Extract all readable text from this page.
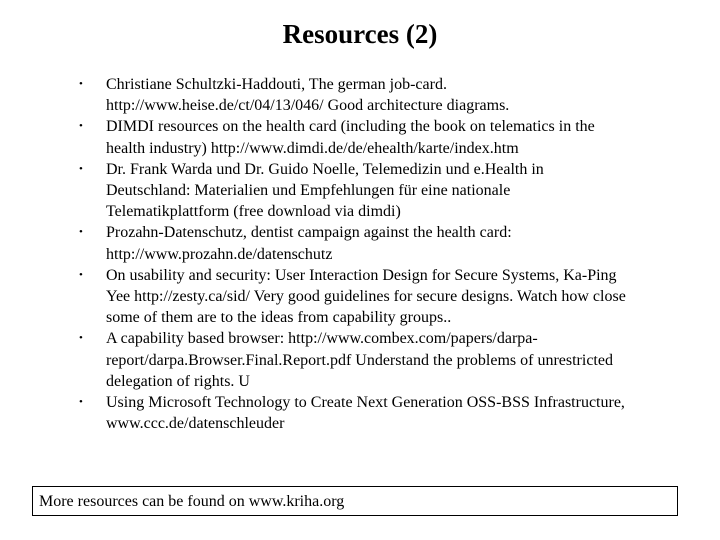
Resources (2)
• Christiane Schultzki-Haddouti, The german job-card. http://www.heise.de/ct/04/13/046/ Good architecture diagrams.
• DIMDI resources on the health card (including the book on telematics in the health industry) http://www.dimdi.de/de/ehealth/karte/index.htm
• Dr. Frank Warda und Dr. Guido Noelle, Telemedizin und e.Health in Deutschland: Materialien und Empfehlungen für eine nationale Telematikplattform (free download via dimdi)
• Prozahn-Datenschutz, dentist campaign against the health card: http://www.prozahn.de/datenschutz
• On usability and security: User Interaction Design for Secure Systems, Ka-Ping Yee http://zesty.ca/sid/ Very good guidelines for secure designs. Watch how close some of them are to the ideas from capability groups..
• A capability based browser: http://www.combex.com/papers/darpa-report/darpa.Browser.Final.Report.pdf Understand the problems of unrestricted delegation of rights. U
• Using Microsoft Technology to Create Next Generation OSS-BSS Infrastructure, www.ccc.de/datenschleuder
More resources can be found on www.kriha.org
